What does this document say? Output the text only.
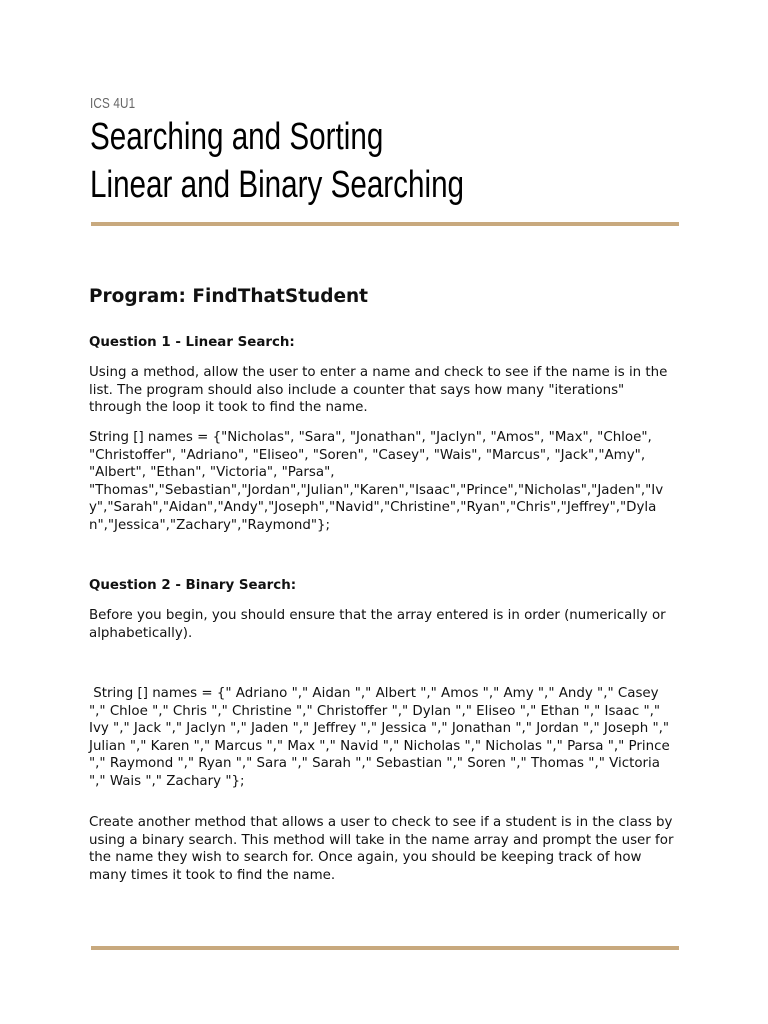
ICS 4U1
Searching and Sorting
Linear and Binary Searching
Program: FindThatStudent
Question 1 - Linear Search:

Using a method, allow the user to enter a name and check to see if the name is in the list. The program should also include a counter that says how many "iterations" through the loop it took to find the name.

String [] names = {"Nicholas", "Sara", "Jonathan", "Jaclyn", "Amos", "Max", "Chloe", "Christoffer", "Adriano", "Eliseo", "Soren", "Casey", "Wais", "Marcus", "Jack","Amy", "Albert", "Ethan", "Victoria", "Parsa",
"Thomas","Sebastian","Jordan","Julian","Karen","Isaac","Prince","Nicholas","Jaden","Ivy","Sarah","Aidan","Andy","Joseph","Navid","Christine","Ryan","Chris","Jeffrey","Dylan","Jessica","Zachary","Raymond"};
Question 2 - Binary Search:

Before you begin, you should ensure that the array entered is in order (numerically or alphabetically).

String [] names = {" Adriano "," Aidan "," Albert "," Amos "," Amy "," Andy "," Casey "," Chloe "," Chris "," Christine "," Christoffer "," Dylan "," Eliseo "," Ethan "," Isaac "," Ivy "," Jack "," Jaclyn "," Jaden "," Jeffrey "," Jessica "," Jonathan "," Jordan "," Joseph "," Julian "," Karen "," Marcus "," Max "," Navid "," Nicholas "," Nicholas "," Parsa "," Prince "," Raymond "," Ryan "," Sara "," Sarah "," Sebastian "," Soren "," Thomas "," Victoria "," Wais "," Zachary "};

Create another method that allows a user to check to see if a student is in the class by using a binary search. This method will take in the name array and prompt the user for the name they wish to search for. Once again, you should be keeping track of how many times it took to find the name.
